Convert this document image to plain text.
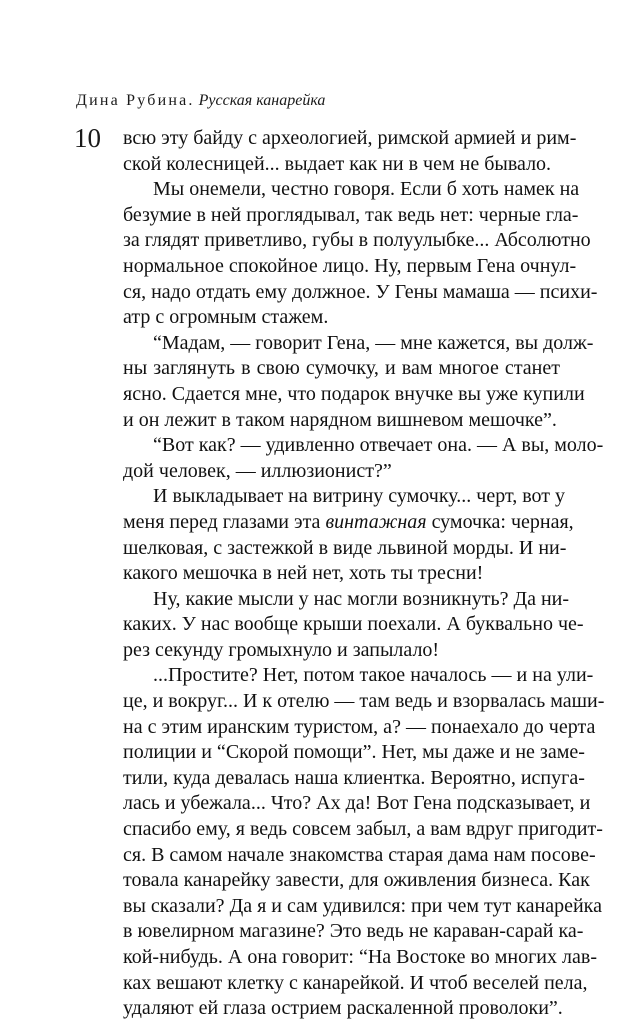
Дина Рубина. Русская канарейка
10 всю эту байду с археологией, римской армией и рим-
ской колесницей... выдает как ни в чем не бывало.
Мы онемели, честно говоря. Если б хоть намек на
безумие в ней проглядывал, так ведь нет: черные гла-
за глядят приветливо, губы в полуулыбке... Абсолютно
нормальное спокойное лицо. Ну, первым Гена очнул-
ся, надо отдать ему должное. У Гены мамаша — психи-
атр с огромным стажем.
“Мадам, — говорит Гена, — мне кажется, вы долж-
ны заглянуть в свою сумочку, и вам многое станет
ясно. Сдается мне, что подарок внучке вы уже купили
и он лежит в таком нарядном вишневом мешочке”.
“Вот как? — удивленно отвечает она. — А вы, моло-
дой человек, — иллюзионист?”
И выкладывает на витрину сумочку... черт, вот у
меня перед глазами эта винтажная сумочка: черная,
шелковая, с застежкой в виде львиной морды. И ни-
какого мешочка в ней нет, хоть ты тресни!
Ну, какие мысли у нас могли возникнуть? Да ни-
каких. У нас вообще крыши поехали. А буквально че-
рез секунду громыхнуло и запылало!
...Простите? Нет, потом такое началось — и на ули-
це, и вокруг... И к отелю — там ведь и взорвалась маши-
на с этим иранским туристом, а? — понаехало до черта
полиции и “Скорой помощи”. Нет, мы даже и не заме-
тили, куда девалась наша клиентка. Вероятно, испуга-
лась и убежала... Что? Ах да! Вот Гена подсказывает, и
спасибо ему, я ведь совсем забыл, а вам вдруг пригодит-
ся. В самом начале знакомства старая дама нам посове-
товала канарейку завести, для оживления бизнеса. Как
вы сказали? Да я и сам удивился: при чем тут канарейка
в ювелирном магазине? Это ведь не караван-сарай ка-
кой-нибудь. А она говорит: “На Востоке во многих лав-
ках вешают клетку с канарейкой. И чтоб веселей пела,
удаляют ей глаза острием раскаленной проволоки”.
